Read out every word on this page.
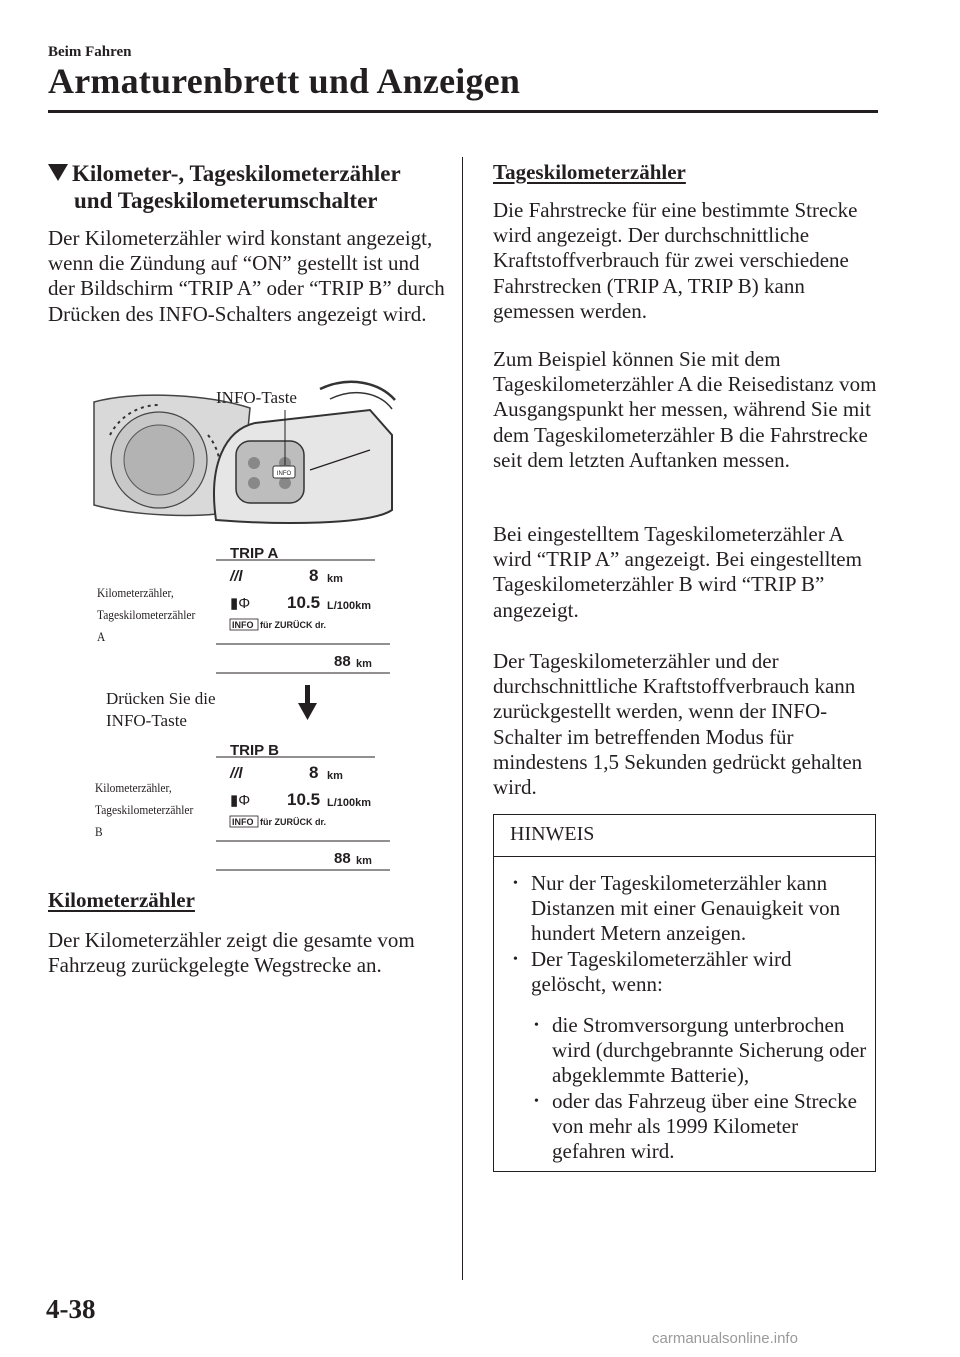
Beim Fahren
Armaturenbrett und Anzeigen
Kilometer-, Tageskilometerzähler
und Tageskilometerumschalter
Der Kilometerzähler wird konstant angezeigt, wenn die Zündung auf “ON” gestellt ist und der Bildschirm “TRIP A” oder “TRIP B” durch Drücken des INFO-Schalters angezeigt wird.
INFO
TRIP A
//l	8 km
▮Φ 10.5 L/100km
INFO für ZURÜCK dr.
88 km
TRIP B
//l	8 km
▮Φ 10.5 L/100km
INFO für ZURÜCK dr.
88 km
INFO-Taste
Kilometerzähler,
Tageskilometerzähler
A
Drücken Sie die
INFO-Taste
Kilometerzähler,
Tageskilometerzähler
B
Kilometerzähler
Der Kilometerzähler zeigt die gesamte vom Fahrzeug zurückgelegte Wegstrecke an.
Tageskilometerzähler
Die Fahrstrecke für eine bestimmte Strecke wird angezeigt. Der durchschnittliche Kraftstoffverbrauch für zwei verschiedene Fahrstrecken (TRIP A, TRIP B) kann gemessen werden.
Zum Beispiel können Sie mit dem Tageskilometerzähler A die Reisedistanz vom Ausgangspunkt her messen, während Sie mit dem Tageskilometerzähler B die Fahrstrecke seit dem letzten Auftanken messen.
Bei eingestelltem Tageskilometerzähler A wird “TRIP A” angezeigt. Bei eingestelltem Tageskilometerzähler B wird “TRIP B” angezeigt.
Der Tageskilometerzähler und der durchschnittliche Kraftstoffverbrauch kann zurückgestellt werden, wenn der INFO-Schalter im betreffenden Modus für mindestens 1,5 Sekunden gedrückt gehalten wird.
HINWEIS
• Nur der Tageskilometerzähler kann Distanzen mit einer Genauigkeit von hundert Metern anzeigen.
• Der Tageskilometerzähler wird gelöscht, wenn:
• die Stromversorgung unterbrochen wird (durchgebrannte Sicherung oder abgeklemmte Batterie),
• oder das Fahrzeug über eine Strecke von mehr als 1999 Kilometer gefahren wird.
4-38
carmanualsonline.info
